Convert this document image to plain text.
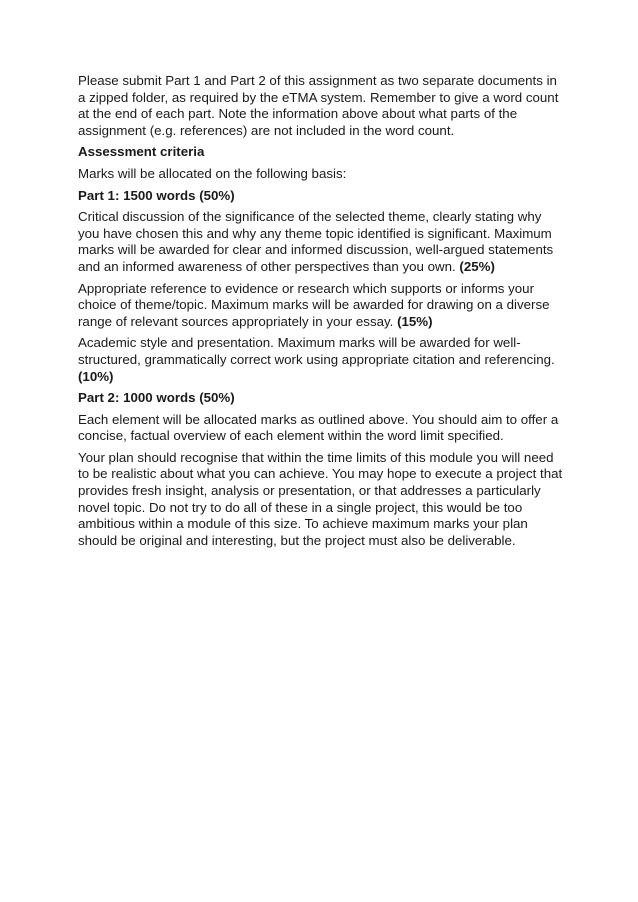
Please submit Part 1 and Part 2 of this assignment as two separate documents in a zipped folder, as required by the eTMA system. Remember to give a word count at the end of each part. Note the information above about what parts of the assignment (e.g. references) are not included in the word count.

Assessment criteria

Marks will be allocated on the following basis:

Part 1: 1500 words (50%)

Critical discussion of the significance of the selected theme, clearly stating why you have chosen this and why any theme topic identified is significant. Maximum marks will be awarded for clear and informed discussion, well-argued statements and an informed awareness of other perspectives than you own. (25%)

Appropriate reference to evidence or research which supports or informs your choice of theme/topic. Maximum marks will be awarded for drawing on a diverse range of relevant sources appropriately in your essay. (15%)

Academic style and presentation. Maximum marks will be awarded for well-structured, grammatically correct work using appropriate citation and referencing. (10%)

Part 2: 1000 words (50%)

Each element will be allocated marks as outlined above. You should aim to offer a concise, factual overview of each element within the word limit specified.

Your plan should recognise that within the time limits of this module you will need to be realistic about what you can achieve. You may hope to execute a project that provides fresh insight, analysis or presentation, or that addresses a particularly novel topic. Do not try to do all of these in a single project, this would be too ambitious within a module of this size. To achieve maximum marks your plan should be original and interesting, but the project must also be deliverable.
